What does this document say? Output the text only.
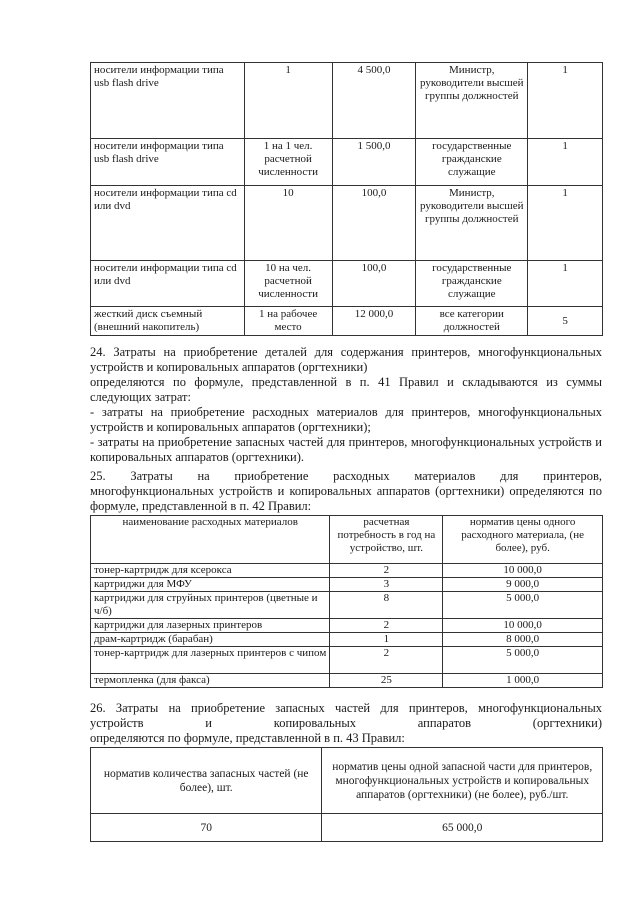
носители информации типа usb flash drive	1	4 500,0	Министр, руководители высшей группы должностей	1
носители информации типа usb flash drive	1 на 1 чел. расчетной численности	1 500,0	государственные гражданские служащие	1
носители информации типа cd или dvd	10	100,0	Министр, руководители высшей группы должностей	1
носители информации типа cd или dvd	10 на чел. расчетной численности	100,0	государственные гражданские служащие	1
жесткий диск съемный (внешний накопитель)	1 на рабочее место	12 000,0	все категории должностей	5

24. Затраты на приобретение деталей для содержания принтеров, многофункциональных устройств и копировальных аппаратов (оргтехники)

определяются по формуле, представленной в п. 41 Правил и складываются из суммы следующих затрат:

- затраты на приобретение расходных материалов для принтеров, многофункциональных устройств и копировальных аппаратов (оргтехники);

- затраты на приобретение запасных частей для принтеров, многофункциональных устройств и копировальных аппаратов (оргтехники).

25. Затраты на приобретение расходных материалов для принтеров,

многофункциональных устройств и копировальных аппаратов (оргтехники) определяются по формуле, представленной в п. 42 Правил:

наименование расходных материалов	расчетная потребность в год на устройство, шт.	норматив цены одного расходного материала, (не более), руб.
тонер-картридж для ксерокса	2	10 000,0
картриджи для МФУ	3	9 000,0
картриджи для струйных принтеров (цветные и ч/б)	8	5 000,0
картриджи для лазерных принтеров	2	10 000,0
драм-картридж (барабан)	1	8 000,0
тонер-картридж для лазерных принтеров с чипом	2	5 000,0
термопленка (для факса)	25	1 000,0

26. Затраты на приобретение запасных частей для принтеров, многофункциональных

устройств и копировальных аппаратов (оргтехники)

определяются по формуле, представленной в п. 43 Правил:

норматив количества запасных частей (не более), шт.	норматив цены одной запасной части для принтеров, многофункциональных устройств и копировальных аппаратов (оргтехники) (не более), руб./шт.
70	65 000,0
